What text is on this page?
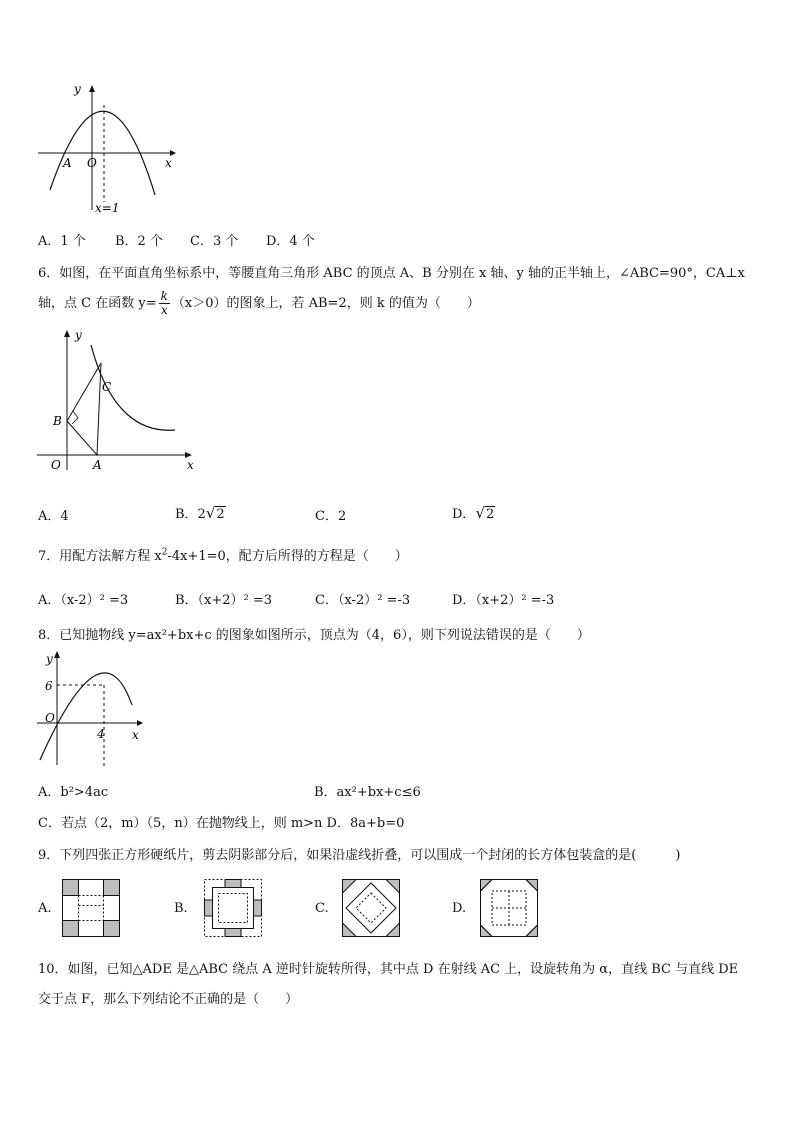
y
x
A O
x=1
A．1 个 B．2 个 C．3 个 D．4 个
6．如图，在平面直角坐标系中，等腰直角三角形 ABC 的顶点 A、B 分别在 x 轴、y 轴的正半轴上，∠ABC=90°，CA⊥x
轴，点 C 在函数 $y= \frac{k}{x} (x>0)$的图象上，若 AB=2，则 k 的值为（　　）
y
x
O	A
B
C
A．4	B．2√2	C．2	D．√2
7．用配方法解方程 $x^2-4x+1=0$，配方后所得的方程是（　　）
A．（x-2）² =3	B．（x+2）² =3	C．（x-2）² =-3	D．（x+2）² =-3
8．已知抛物线 y=ax²+bx+c 的图象如图所示，顶点为（4，6），则下列说法错误的是（　　）
y
x
O
6
4
A．b²>4ac	B．ax²+bx+c≤6
C．若点（2，m）（5，n）在抛物线上，则 m>n D．8a+b=0
9．下列四张正方形硬纸片，剪去阴影部分后，如果沿虚线折叠，可以围成一个封闭的长方体包装盒的是(　　　)
A.	B.	C.	D.
10．如图，已知△ADE 是△ABC 绕点 A 逆时针旋转所得，其中点 D 在射线 AC 上，设旋转角为 α，直线 BC 与直线 DE
交于点 F，那么下列结论不正确的是（　　）
